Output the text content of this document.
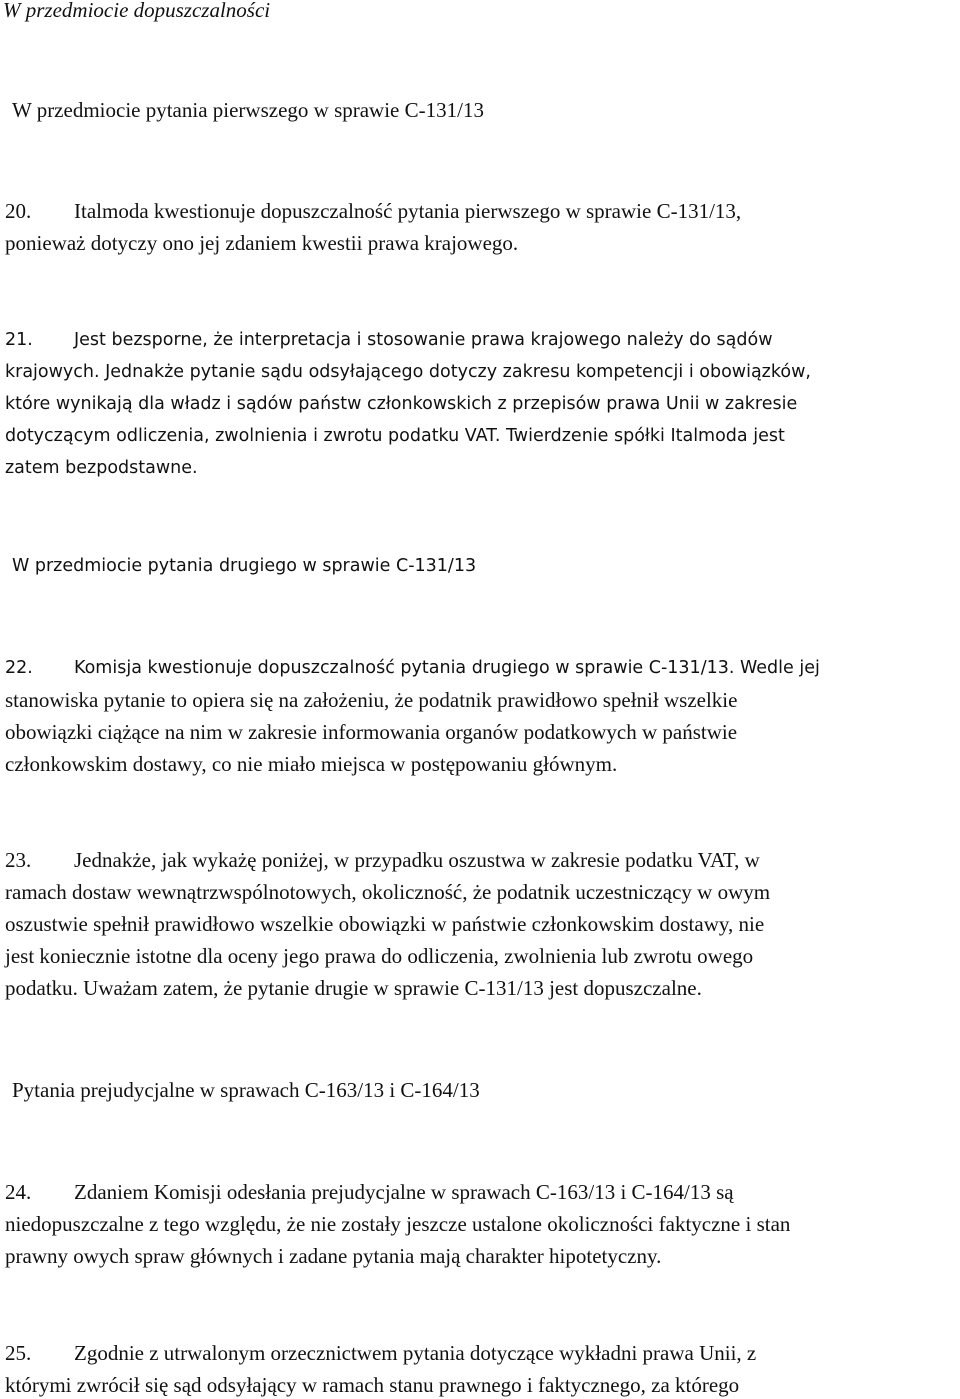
W przedmiocie dopuszczalności
W przedmiocie pytania pierwszego w sprawie C‑131/13
20. Italmoda kwestionuje dopuszczalność pytania pierwszego w sprawie C‑131/13,
ponieważ dotyczy ono jej zdaniem kwestii prawa krajowego.
21. Jest bezsporne, że interpretacja i stosowanie prawa krajowego należy do sądów
krajowych. Jednakże pytanie sądu odsyłającego dotyczy zakresu kompetencji i obowiązków,
które wynikają dla władz i sądów państw członkowskich z przepisów prawa Unii w zakresie
dotyczącym odliczenia, zwolnienia i zwrotu podatku VAT. Twierdzenie spółki Italmoda jest
zatem bezpodstawne.
W przedmiocie pytania drugiego w sprawie C‑131/13
22. Komisja kwestionuje dopuszczalność pytania drugiego w sprawie C‑131/13. Wedle jej
stanowiska pytanie to opiera się na założeniu, że podatnik prawidłowo spełnił wszelkie
obowiązki ciążące na nim w zakresie informowania organów podatkowych w państwie
członkowskim dostawy, co nie miało miejsca w postępowaniu głównym.
23. Jednakże, jak wykażę poniżej, w przypadku oszustwa w zakresie podatku VAT, w
ramach dostaw wewnątrzwspólnotowych, okoliczność, że podatnik uczestniczący w owym
oszustwie spełnił prawidłowo wszelkie obowiązki w państwie członkowskim dostawy, nie
jest koniecznie istotne dla oceny jego prawa do odliczenia, zwolnienia lub zwrotu owego
podatku. Uważam zatem, że pytanie drugie w sprawie C‑131/13 jest dopuszczalne.
Pytania prejudycjalne w sprawach C‑163/13 i C‑164/13
24. Zdaniem Komisji odesłania prejudycjalne w sprawach C‑163/13 i C‑164/13 są
niedopuszczalne z tego względu, że nie zostały jeszcze ustalone okoliczności faktyczne i stan
prawny owych spraw głównych i zadane pytania mają charakter hipotetyczny.
25. Zgodnie z utrwalonym orzecznictwem pytania dotyczące wykładni prawa Unii, z
którymi zwrócił się sąd odsyłający w ramach stanu prawnego i faktycznego, za którego
